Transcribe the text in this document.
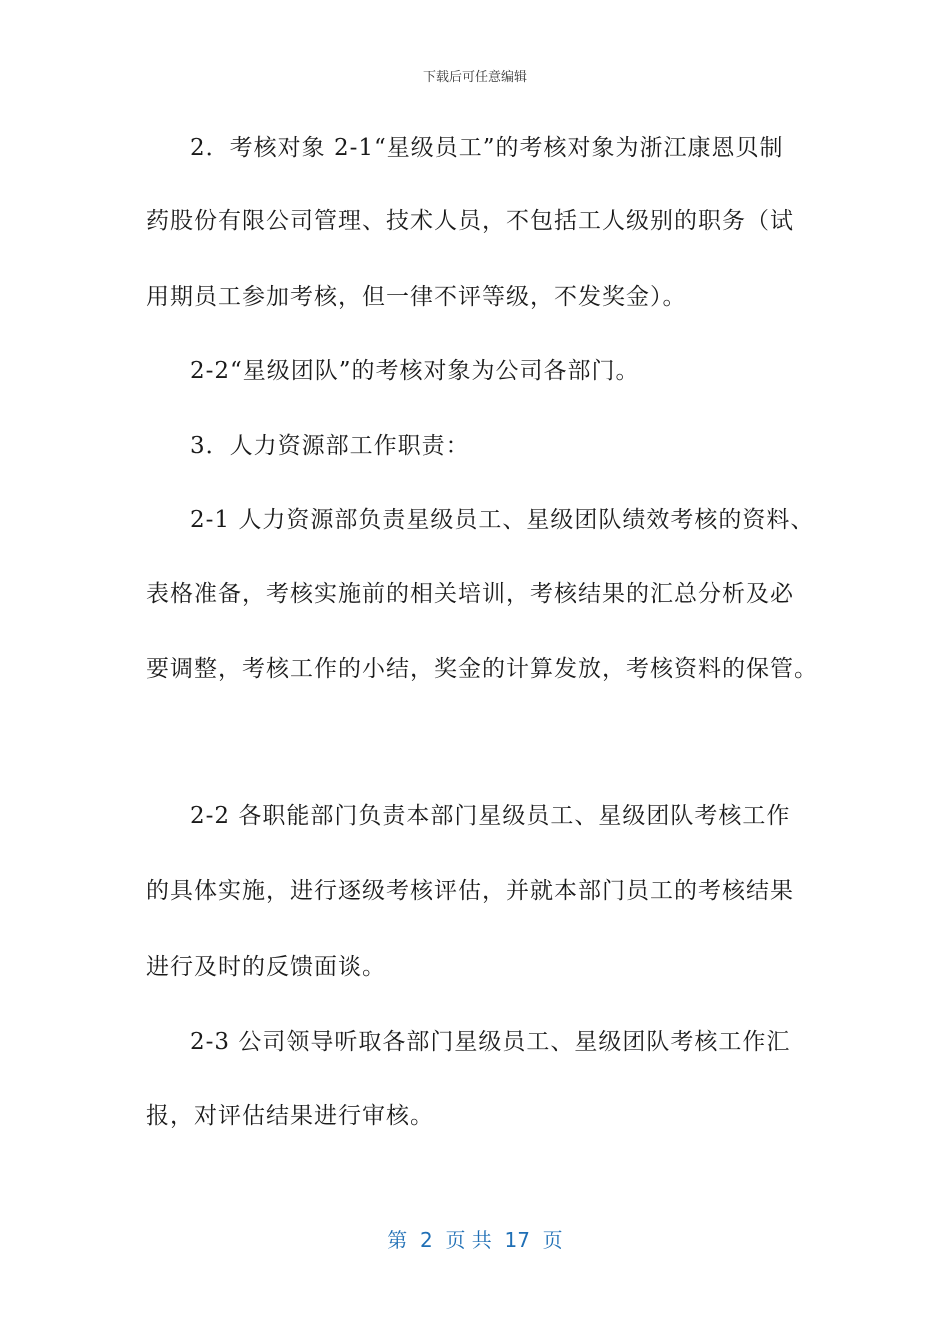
下载后可任意编辑
2．考核对象 2-1“星级员工”的考核对象为浙江康恩贝制
药股份有限公司管理、技术人员，不包括工人级别的职务（试
用期员工参加考核，但一律不评等级，不发奖金）。
2-2“星级团队”的考核对象为公司各部门。
3．人力资源部工作职责：
2-1 人力资源部负责星级员工、星级团队绩效考核的资料、
表格准备，考核实施前的相关培训，考核结果的汇总分析及必
要调整，考核工作的小结，奖金的计算发放，考核资料的保管。
2-2 各职能部门负责本部门星级员工、星级团队考核工作
的具体实施，进行逐级考核评估，并就本部门员工的考核结果
进行及时的反馈面谈。
2-3 公司领导听取各部门星级员工、星级团队考核工作汇
报，对评估结果进行审核。
第  2  页 共  17  页
